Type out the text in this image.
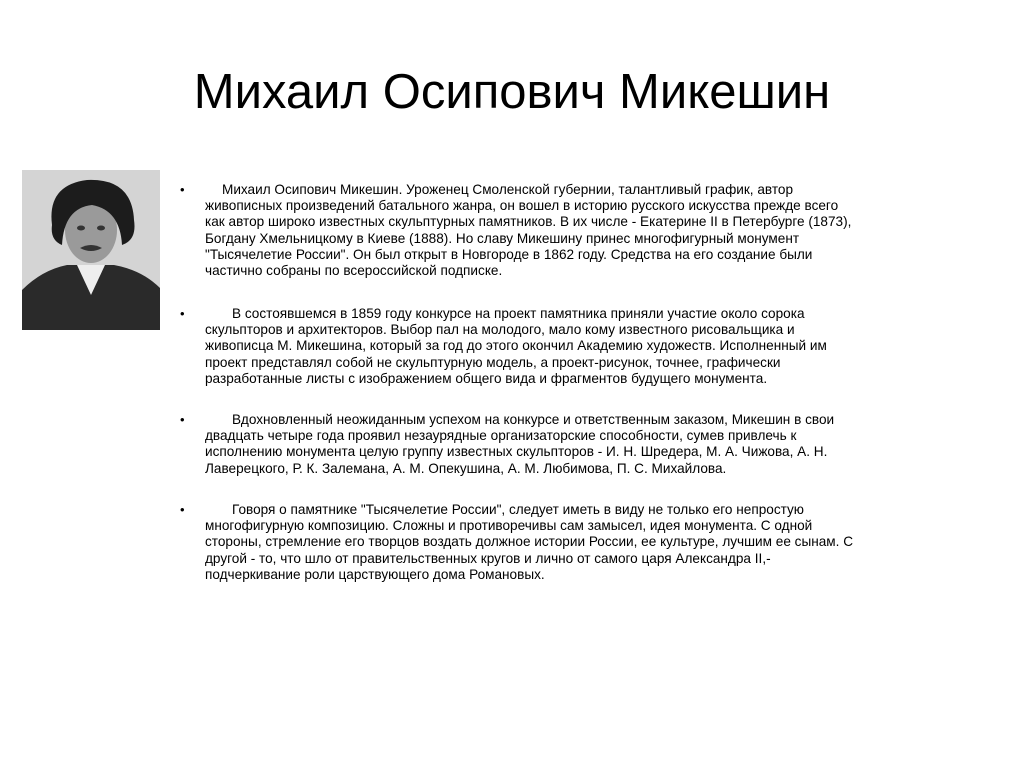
Михаил Осипович Микешин
•	Михаил Осипович Микешин. Уроженец Смоленской губернии, талантливый график, автор
живописных произведений батального жанра, он вошел в историю русского искусства прежде всего
как автор широко известных скульптурных памятников. В их числе - Екатерине II в Петербурге (1873),
Богдану Хмельницкому в Киеве (1888). Но славу Микешину принес многофигурный монумент
"Тысячелетие России". Он был открыт в Новгороде в 1862 году. Средства на его создание были
частично собраны по всероссийской подписке.
•	В состоявшемся в 1859 году конкурсе на проект памятника приняли участие около сорока
скульпторов и архитекторов. Выбор пал на молодого, мало кому известного рисовальщика и
живописца М. Микешина, который за год до этого окончил Академию художеств. Исполненный им
проект представлял собой не скульптурную модель, а проект-рисунок, точнее, графически
разработанные листы с изображением общего вида и фрагментов будущего монумента.
•	Вдохновленный неожиданным успехом на конкурсе и ответственным заказом, Микешин в свои
двадцать четыре года проявил незаурядные организаторские способности, сумев привлечь к
исполнению монумента целую группу известных скульпторов - И. Н. Шредера, М. А. Чижова, А. Н.
Лаверецкого, Р. К. Залемана, А. М. Опекушина, А. М. Любимова, П. С. Михайлова.
•	Говоря о памятнике "Тысячелетие России", следует иметь в виду не только его непростую
многофигурную композицию. Сложны и противоречивы сам замысел, идея монумента. С одной
стороны, стремление его творцов воздать должное истории России, ее культуре, лучшим ее сынам. С
другой - то, что шло от правительственных кругов и лично от самого царя Александра II,-
подчеркивание роли царствующего дома Романовых.
